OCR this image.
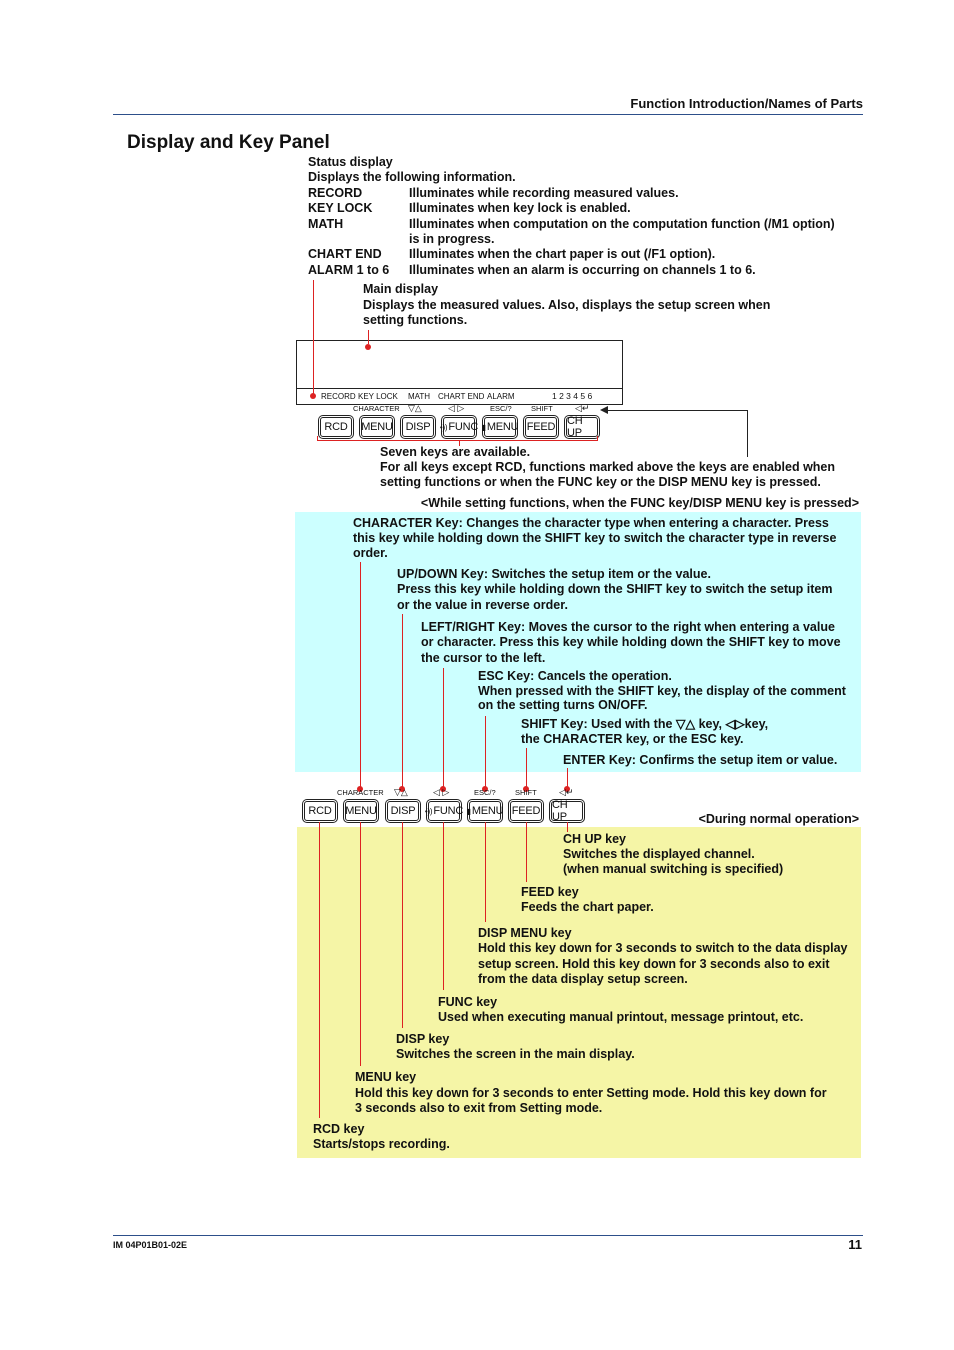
Function Introduction/Names of Parts
Display and Key Panel
Status display
Displays the following information.
RECORD	Illuminates while recording measured values.
KEY LOCK	Illuminates when key lock is enabled.
MATH	Illuminates when computation on the computation function (/M1 option)
is in progress.
CHART END Illuminates when the chart paper is out (/F1 option).
ALARM 1 to 6 Illuminates when an alarm is occurring on channels 1 to 6.
Main display
Displays the measured values. Also, displays the setup screen when
setting functions.
RECORD KEY LOCK MATH CHART END ALARM	1 2 3 4 5 6
CHARACTER ▽△	◁ ▷	ESC/?	SHIFT ◁↵
RCD MENU DISP •)) FUNC ▮ MENU FEED CH UP
Seven keys are available.
For all keys except RCD, functions marked above the keys are enabled when
setting functions or when the FUNC key or the DISP MENU key is pressed.
<While setting functions, when the FUNC key/DISP MENU key is pressed>
CHARACTER Key: Changes the character type when entering a character. Press
this key while holding down the SHIFT key to switch the character type in reverse
order.
UP/DOWN Key: Switches the setup item or the value.
Press this key while holding down the SHIFT key to switch the setup item
or the value in reverse order.
LEFT/RIGHT Key: Moves the cursor to the right when entering a value
or character. Press this key while holding down the SHIFT key to move
the cursor to the left.
ESC Key: Cancels the operation.
When pressed with the SHIFT key, the display of the comment
on the setting turns ON/OFF.
SHIFT Key: Used with the ▽△ key, ◁▷key,
the CHARACTER key, or the ESC key.
ENTER Key: Confirms the setup item or value.
CHARACTER ▽△	◁ ▷	ESC/?	SHIFT ◁↵
RCD MENU DISP •)) FUNC ▮ MENU FEED CH UP	<During normal operation>
CH UP key
Switches the displayed channel.
(when manual switching is specified)
FEED key
Feeds the chart paper.
DISP MENU key
Hold this key down for 3 seconds to switch to the data display
setup screen. Hold this key down for 3 seconds also to exit
from the data display setup screen.
FUNC key
Used when executing manual printout, message printout, etc.
DISP key
Switches the screen in the main display.
MENU key
Hold this key down for 3 seconds to enter Setting mode. Hold this key down for
3 seconds also to exit from Setting mode.
RCD key
Starts/stops recording.
IM 04P01B01-02E	11
